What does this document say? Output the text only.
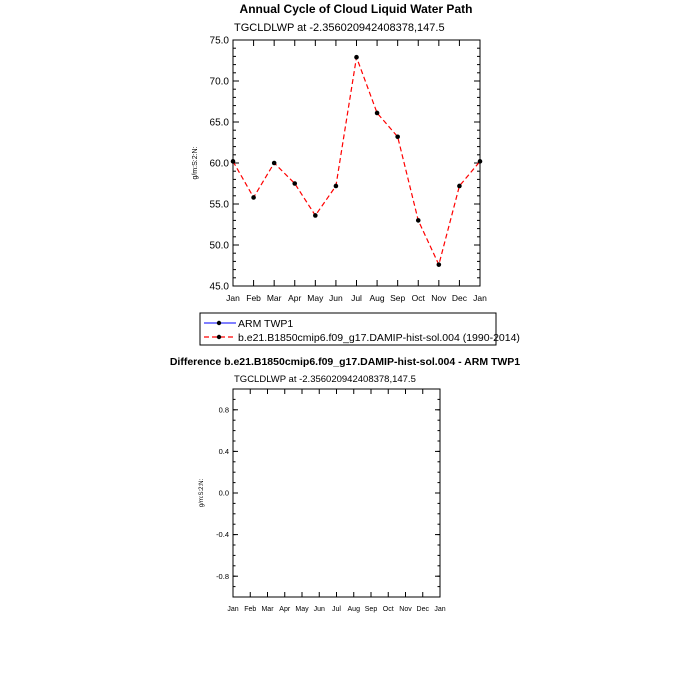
Annual Cycle of Cloud Liquid Water Path
TGCLDLWP at -2.356020942408378,147.5
g/m:S:2:N:
Jan Feb Mar Apr May Jun Jul Aug Sep Oct Nov Dec Jan
45.0
50.0
55.0
60.0
65.0
70.0
75.0
ARM TWP1
b.e21.B1850cmip6.f09_g17.DAMIP-hist-sol.004 (1990-2014)
Difference b.e21.B1850cmip6.f09_g17.DAMIP-hist-sol.004 - ARM TWP1
TGCLDLWP at -2.356020942408378,147.5
g/m:S:2:N:
Jan Feb Mar Apr May Jun Jul Aug Sep Oct Nov Dec Jan
-0.8
-0.4
0.0
0.4
0.8
